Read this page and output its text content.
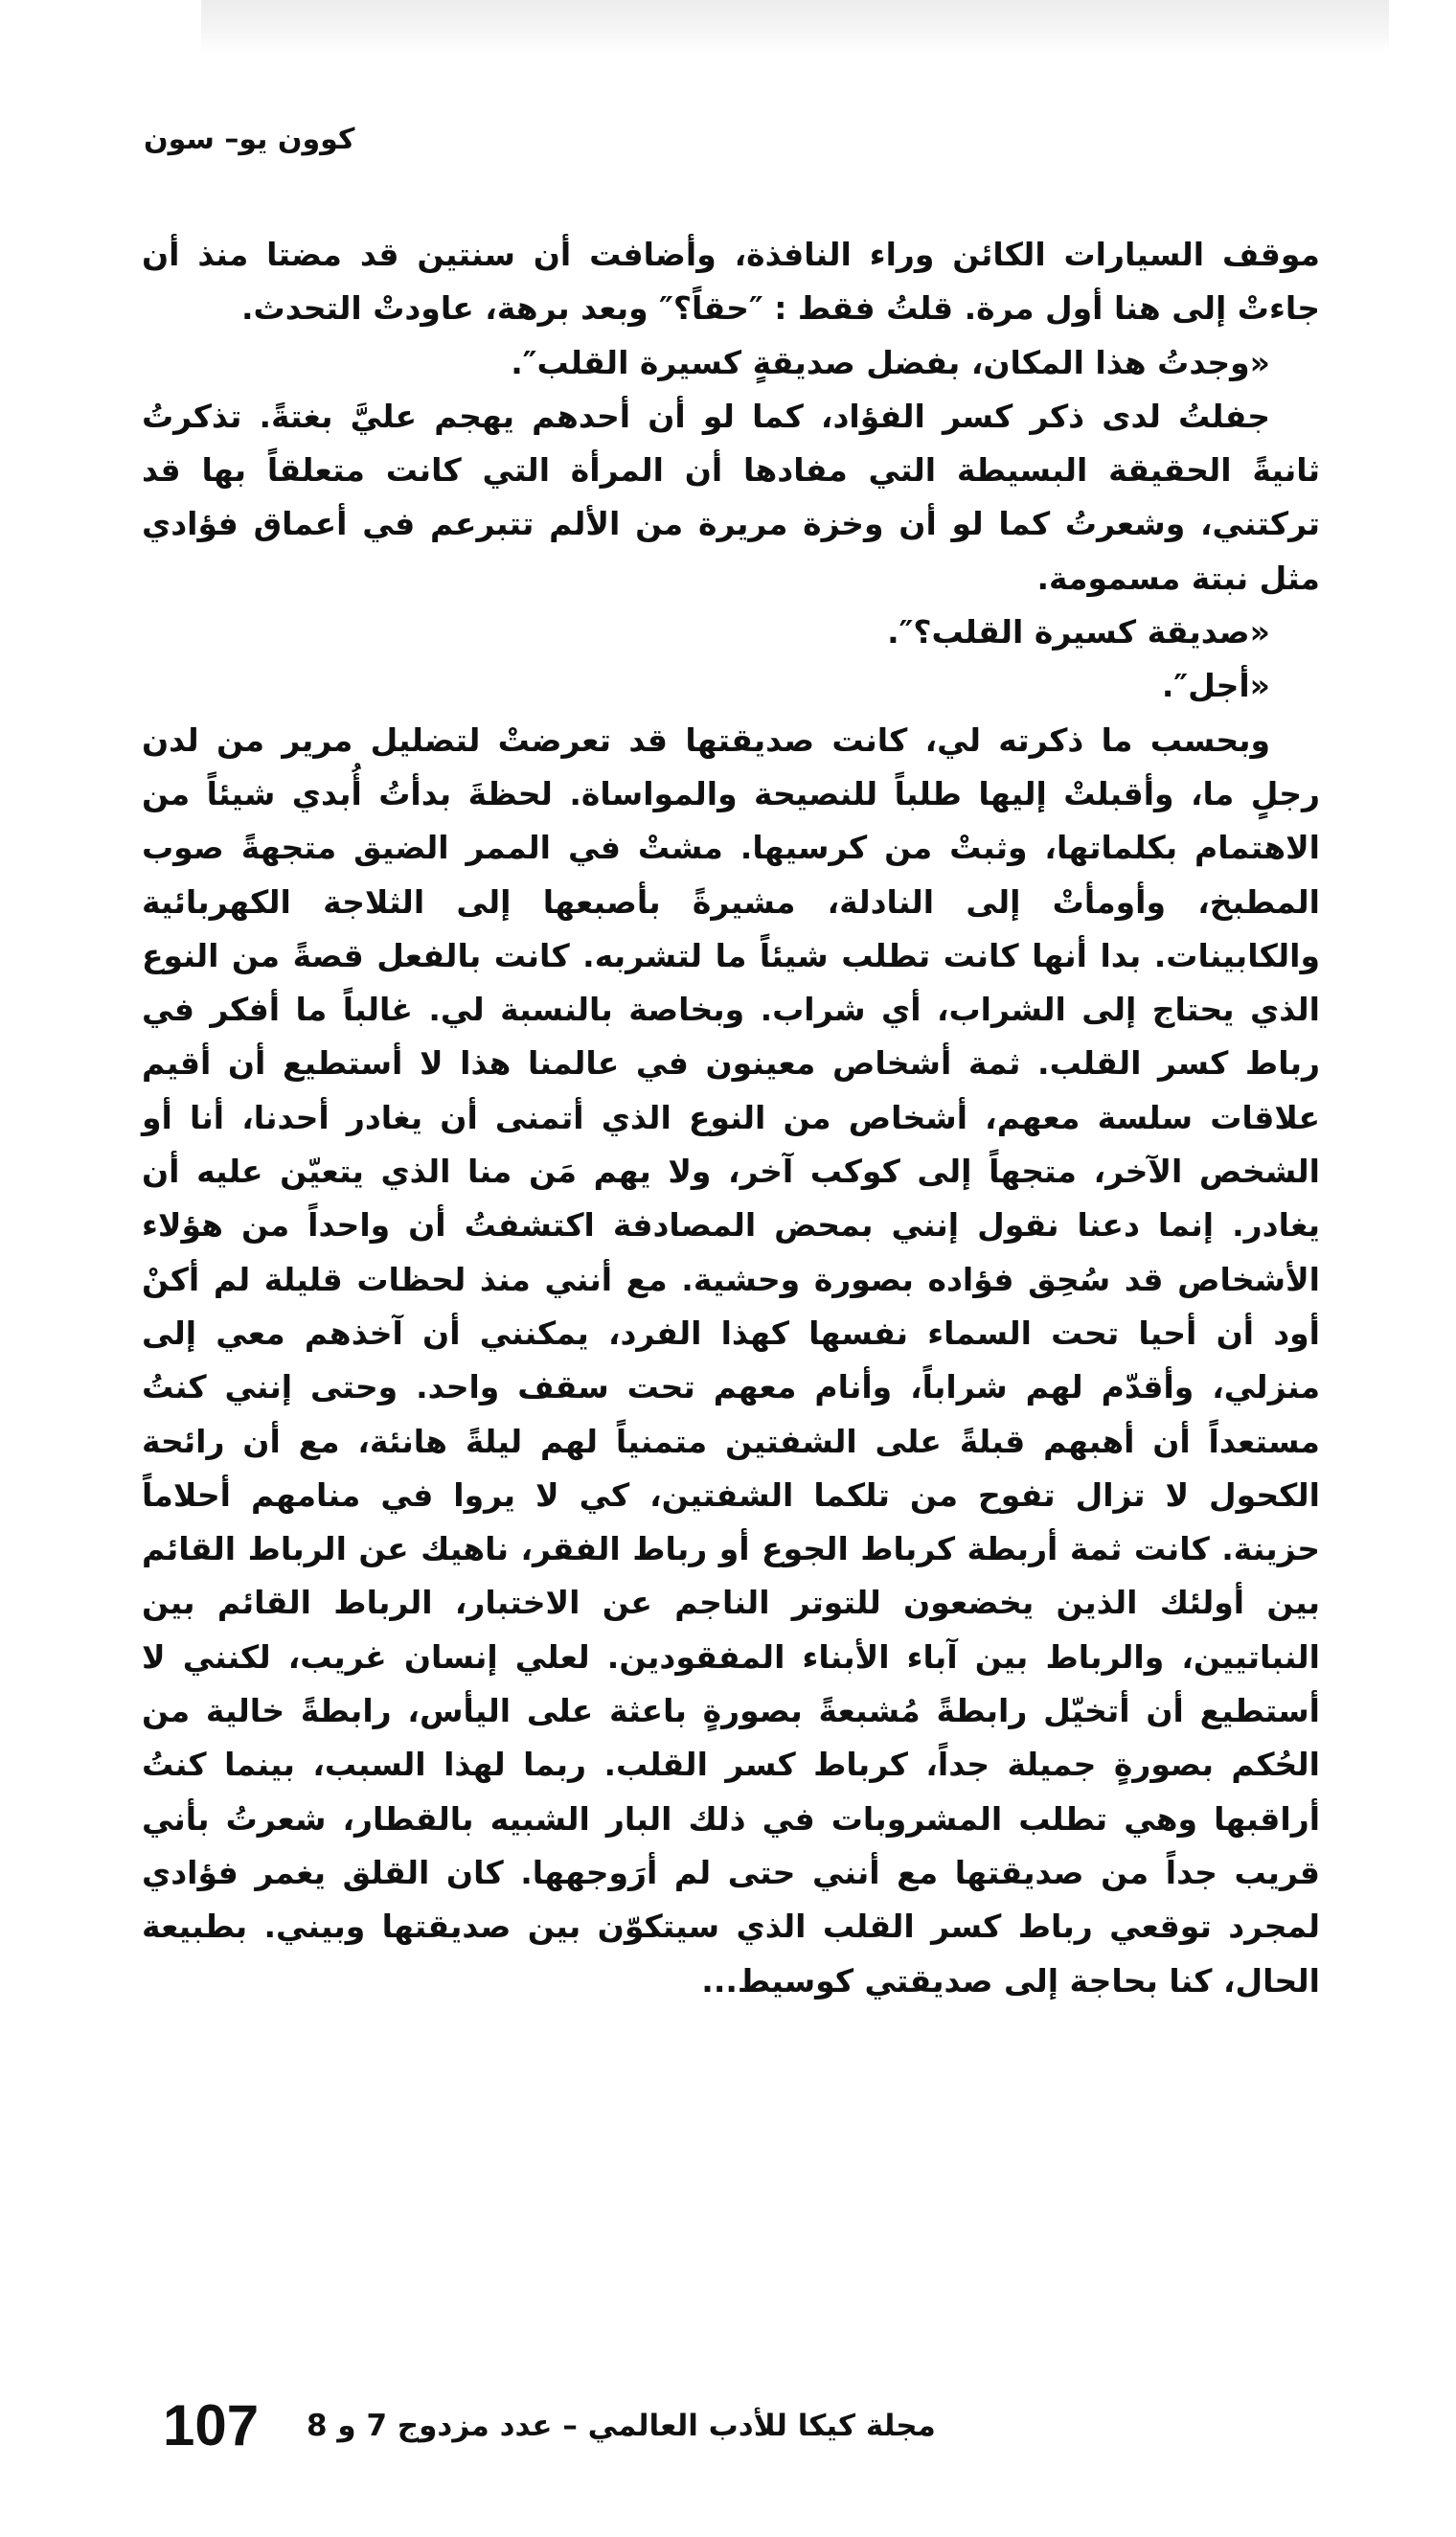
كوون يو– سون

موقف السيارات الكائن وراء النافذة، وأضافت أن سنتين قد مضتا منذ أن جاءتْ إلى هنا أول مرة. قلتُ فقط : ″حقاً؟″ وبعد برهة، عاودتْ التحدث.

«وجدتُ هذا المكان، بفضل صديقةٍ كسيرة القلب″.

جفلتُ لدى ذكر كسر الفؤاد، كما لو أن أحدهم يهجم عليَّ بغتةً. تذكرتُ ثانيةً الحقيقة البسيطة التي مفادها أن المرأة التي كانت متعلقاً بها قد تركتني، وشعرتُ كما لو أن وخزة مريرة من الألم تتبرعم في أعماق فؤادي مثل نبتة مسمومة.

«صديقة كسيرة القلب؟″.

«أجل″.

وبحسب ما ذكرته لي، كانت صديقتها قد تعرضتْ لتضليل مرير من لدن رجلٍ ما، وأقبلتْ إليها طلباً للنصيحة والمواساة. لحظةَ بدأتُ أُبدي شيئاً من الاهتمام بكلماتها، وثبتْ من كرسيها. مشتْ في الممر الضيق متجهةً صوب المطبخ، وأومأتْ إلى النادلة، مشيرةً بأصبعها إلى الثلاجة الكهربائية والكابينات. بدا أنها كانت تطلب شيئاً ما لتشربه. كانت بالفعل قصةً من النوع الذي يحتاج إلى الشراب، أي شراب. وبخاصة بالنسبة لي. غالباً ما أفكر في رباط كسر القلب. ثمة أشخاص معينون في عالمنا هذا لا أستطيع أن أقيم علاقات سلسة معهم، أشخاص من النوع الذي أتمنى أن يغادر أحدنا، أنا أو الشخص الآخر، متجهاً إلى كوكب آخر، ولا يهم مَن منا الذي يتعيّن عليه أن يغادر. إنما دعنا نقول إنني بمحض المصادفة اكتشفتُ أن واحداً من هؤلاء الأشخاص قد سُحِق فؤاده بصورة وحشية. مع أنني منذ لحظات قليلة لم أكنْ أود أن أحيا تحت السماء نفسها كهذا الفرد، يمكنني أن آخذهم معي إلى منزلي، وأقدّم لهم شراباً، وأنام معهم تحت سقف واحد. وحتى إنني كنتُ مستعداً أن أهبهم قبلةً على الشفتين متمنياً لهم ليلةً هانئة، مع أن رائحة الكحول لا تزال تفوح من تلكما الشفتين، كي لا يروا في منامهم أحلاماً حزينة. كانت ثمة أربطة كرباط الجوع أو رباط الفقر، ناهيك عن الرباط القائم بين أولئك الذين يخضعون للتوتر الناجم عن الاختبار، الرباط القائم بين النباتيين، والرباط بين آباء الأبناء المفقودين. لعلي إنسان غريب، لكنني لا أستطيع أن أتخيّل رابطةً مُشبعةً بصورةٍ باعثة على اليأس، رابطةً خالية من الحُكم بصورةٍ جميلة جداً، كرباط كسر القلب. ربما لهذا السبب، بينما كنتُ أراقبها وهي تطلب المشروبات في ذلك البار الشبيه بالقطار، شعرتُ بأني قريب جداً من صديقتها مع أنني حتى لم أرَوجهها. كان القلق يغمر فؤادي لمجرد توقعي رباط كسر القلب الذي سيتكوّن بين صديقتها وبيني. بطبيعة الحال، كنا بحاجة إلى صديقتي كوسيط...

107 مجلة كيكا للأدب العالمي – عدد مزدوج 7 و 8
